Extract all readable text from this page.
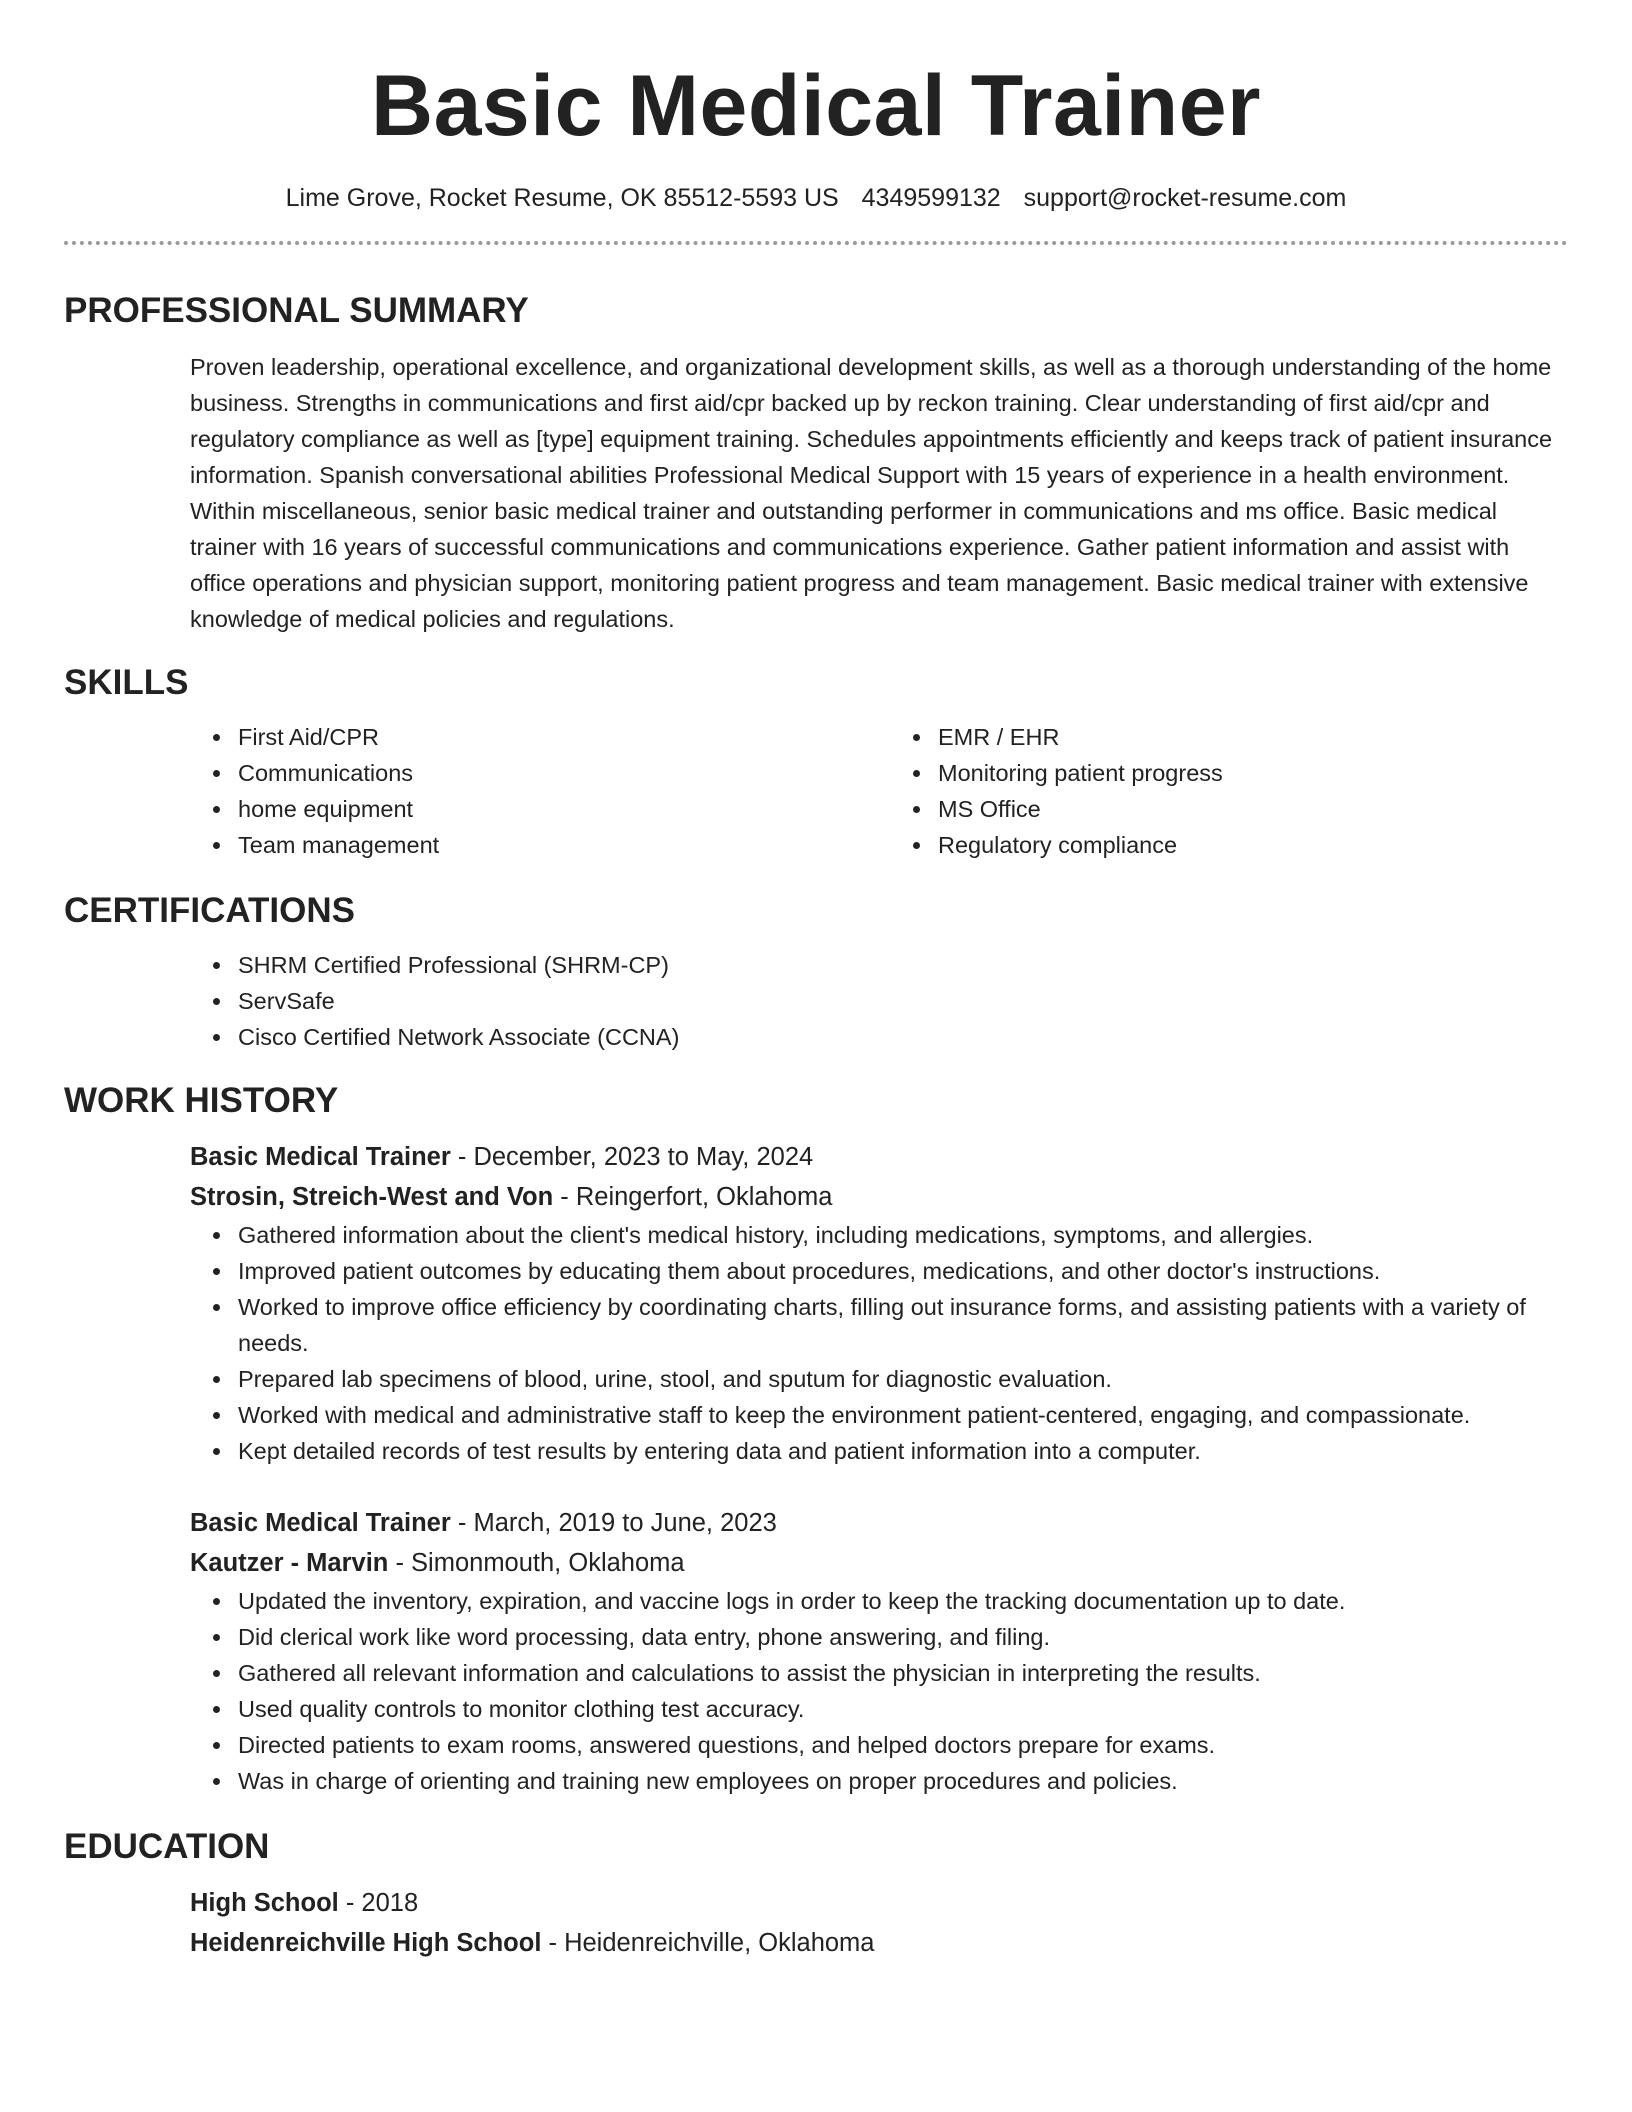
Basic Medical Trainer
Lime Grove, Rocket Resume, OK 85512-5593 US 4349599132 support@rocket-resume.com
PROFESSIONAL SUMMARY

Proven leadership, operational excellence, and organizational development skills, as well as a thorough understanding of the home business. Strengths in communications and first aid/cpr backed up by reckon training. Clear understanding of first aid/cpr and regulatory compliance as well as [type] equipment training. Schedules appointments efficiently and keeps track of patient insurance information. Spanish conversational abilities Professional Medical Support with 15 years of experience in a health environment. Within miscellaneous, senior basic medical trainer and outstanding performer in communications and ms office. Basic medical trainer with 16 years of successful communications and communications experience. Gather patient information and assist with office operations and physician support, monitoring patient progress and team management. Basic medical trainer with extensive knowledge of medical policies and regulations.

SKILLS
• First Aid/CPR
• Communications
• home equipment
• Team management
• EMR / EHR
• Monitoring patient progress
• MS Office
• Regulatory compliance
CERTIFICATIONS
• SHRM Certified Professional (SHRM-CP)
• ServSafe
• Cisco Certified Network Associate (CCNA)
WORK HISTORY
Basic Medical Trainer - December, 2023 to May, 2024
Strosin, Streich-West and Von - Reingerfort, Oklahoma
• Gathered information about the client's medical history, including medications, symptoms, and allergies.
• Improved patient outcomes by educating them about procedures, medications, and other doctor's instructions.
• Worked to improve office efficiency by coordinating charts, filling out insurance forms, and assisting patients with a variety of needs.
• Prepared lab specimens of blood, urine, stool, and sputum for diagnostic evaluation.
• Worked with medical and administrative staff to keep the environment patient-centered, engaging, and compassionate.
• Kept detailed records of test results by entering data and patient information into a computer.
Basic Medical Trainer - March, 2019 to June, 2023
Kautzer - Marvin - Simonmouth, Oklahoma
• Updated the inventory, expiration, and vaccine logs in order to keep the tracking documentation up to date.
• Did clerical work like word processing, data entry, phone answering, and filing.
• Gathered all relevant information and calculations to assist the physician in interpreting the results.
• Used quality controls to monitor clothing test accuracy.
• Directed patients to exam rooms, answered questions, and helped doctors prepare for exams.
• Was in charge of orienting and training new employees on proper procedures and policies.
EDUCATION
High School - 2018
Heidenreichville High School - Heidenreichville, Oklahoma
